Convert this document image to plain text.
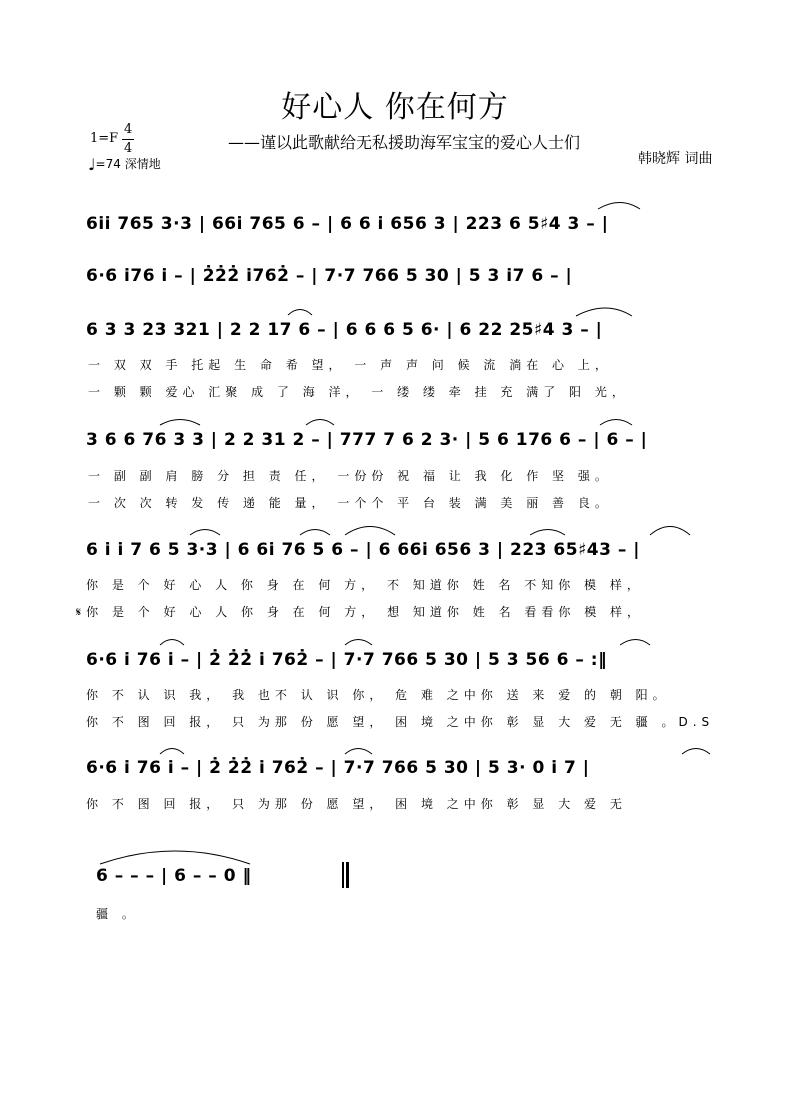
好心人 你在何方
——谨以此歌献给无私援助海军宝宝的爱心人士们
1=F
4
4
♩=74 深情地	韩晓辉 词曲
6i̇i̇ 765 3·3 | 66i̇ 765 6 – | 6 6 i̇ 656 3 | 223 6 5♯4 3 – |
6·6 i̇76 i̇ – | 2̇2̇2̇ i̇762̇ – | 7·7 766 5 30 | 5 3 i̇7 6 – |
6 3 3 23 321 | 2 2 17 6 – | 6 6 6 5 6· | 6 22 25♯4 3 – |
一 双 双 手 托起 生 命 希 望， 一 声 声 问 候 流 淌在 心 上，
一 颗 颗 爱心 汇聚 成 了 海 洋， 一 缕 缕 牵 挂 充 满了 阳 光，
3 6 6 76 3 3 | 2 2 31 2 – | 777 7 6 2 3· | 5 6 176 6 – | 6 – |
一 副 副 肩 膀 分 担 责 任， 一份份 祝 福 让 我 化 作 坚 强。
一 次 次 转 发 传 递 能 量， 一个个 平 台 装 满 美 丽 善 良。
6 i̇ i̇ 7 6 5 3·3 | 6 6i̇ 76 5 6 – | 6 66i̇ 656 3 | 223 65♯43 – |
你 是 个 好 心 人 你 身 在 何 方， 不 知道你 姓 名 不知你 模 样，
𝄋你 是 个 好 心 人 你 身 在 何 方， 想 知道你 姓 名 看看你 模 样，
6·6 i̇ 76 i̇ – | 2̇ 2̇2̇ i̇ 762̇ – | 7·7 766 5 30 | 5 3 56 6 – :‖
你 不 认 识 我， 我 也不 认 识 你， 危 难 之中你 送 来 爱 的 朝 阳。
你 不 图 回 报， 只 为那 份 愿 望， 困 境 之中你 彰 显 大 爱 无 疆 。D.S
6·6 i̇ 76 i̇ – | 2̇ 2̇2̇ i̇ 762̇ – | 7·7 766 5 30 | 5 3· 0 i̇ 7 |
你 不 图 回 报， 只 为那 份 愿 望， 困 境 之中你 彰 显 大 爱 无
6 – – – | 6 – – 0 ‖
疆 。
